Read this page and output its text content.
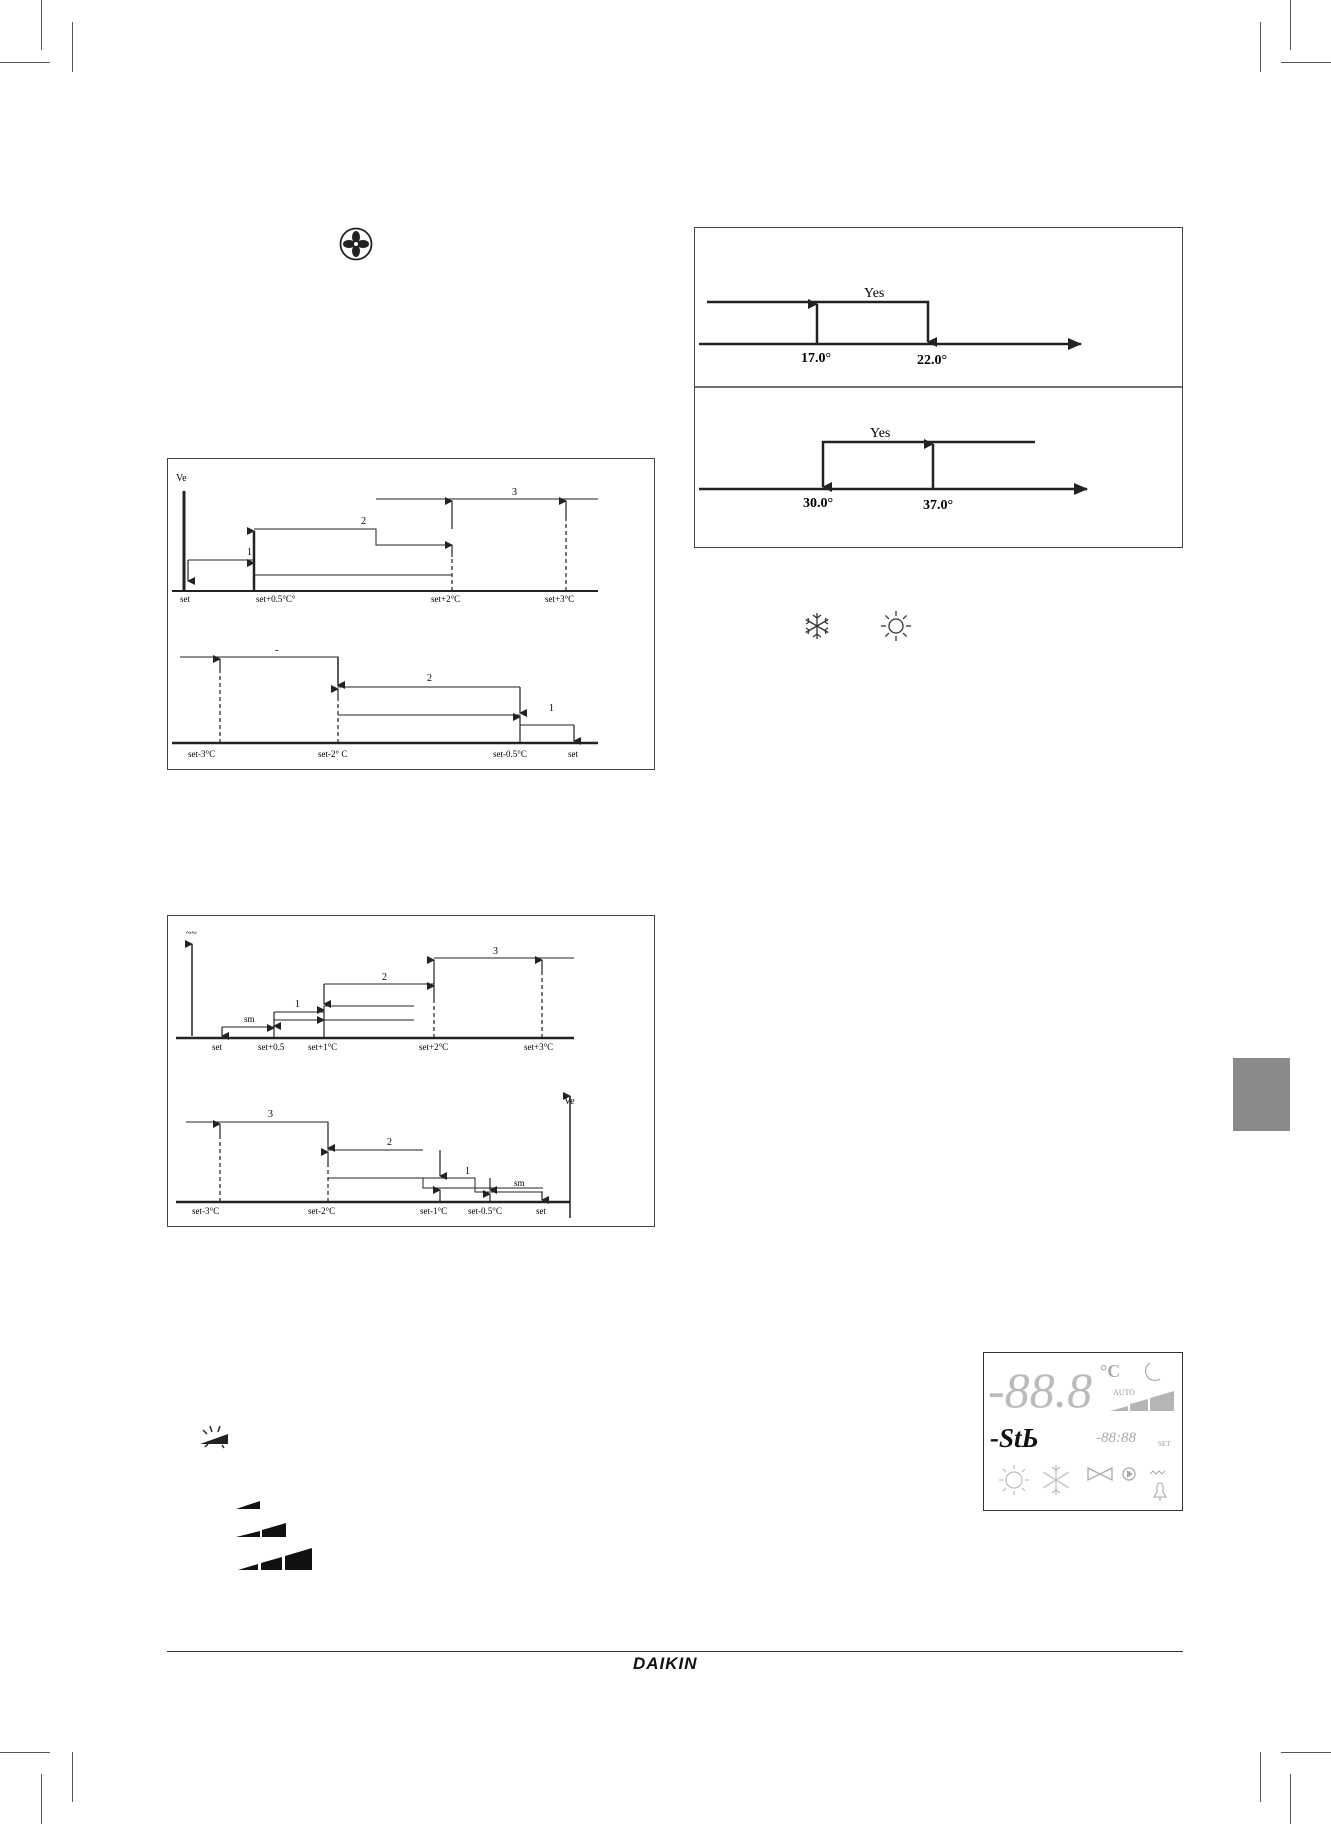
Ve
1
2
3
set	set+0.5°C°	set+2°C	set+3°C
-
2
1
set-3°C	set-2° C	set-0.5°C	set
~~
sm
1
2
3
set	set+0.5	set+1°C	set+2°C	set+3°C
Ve
3
2
1
sm
set-3°C	set-2°C	set-1°C set-0.5°C	set
Yes
17.0°	22.0°
Yes
30.0°	37.0°
-88.8 °C
AUTO
-StЬ	-88:88	SET
DAIKIN
